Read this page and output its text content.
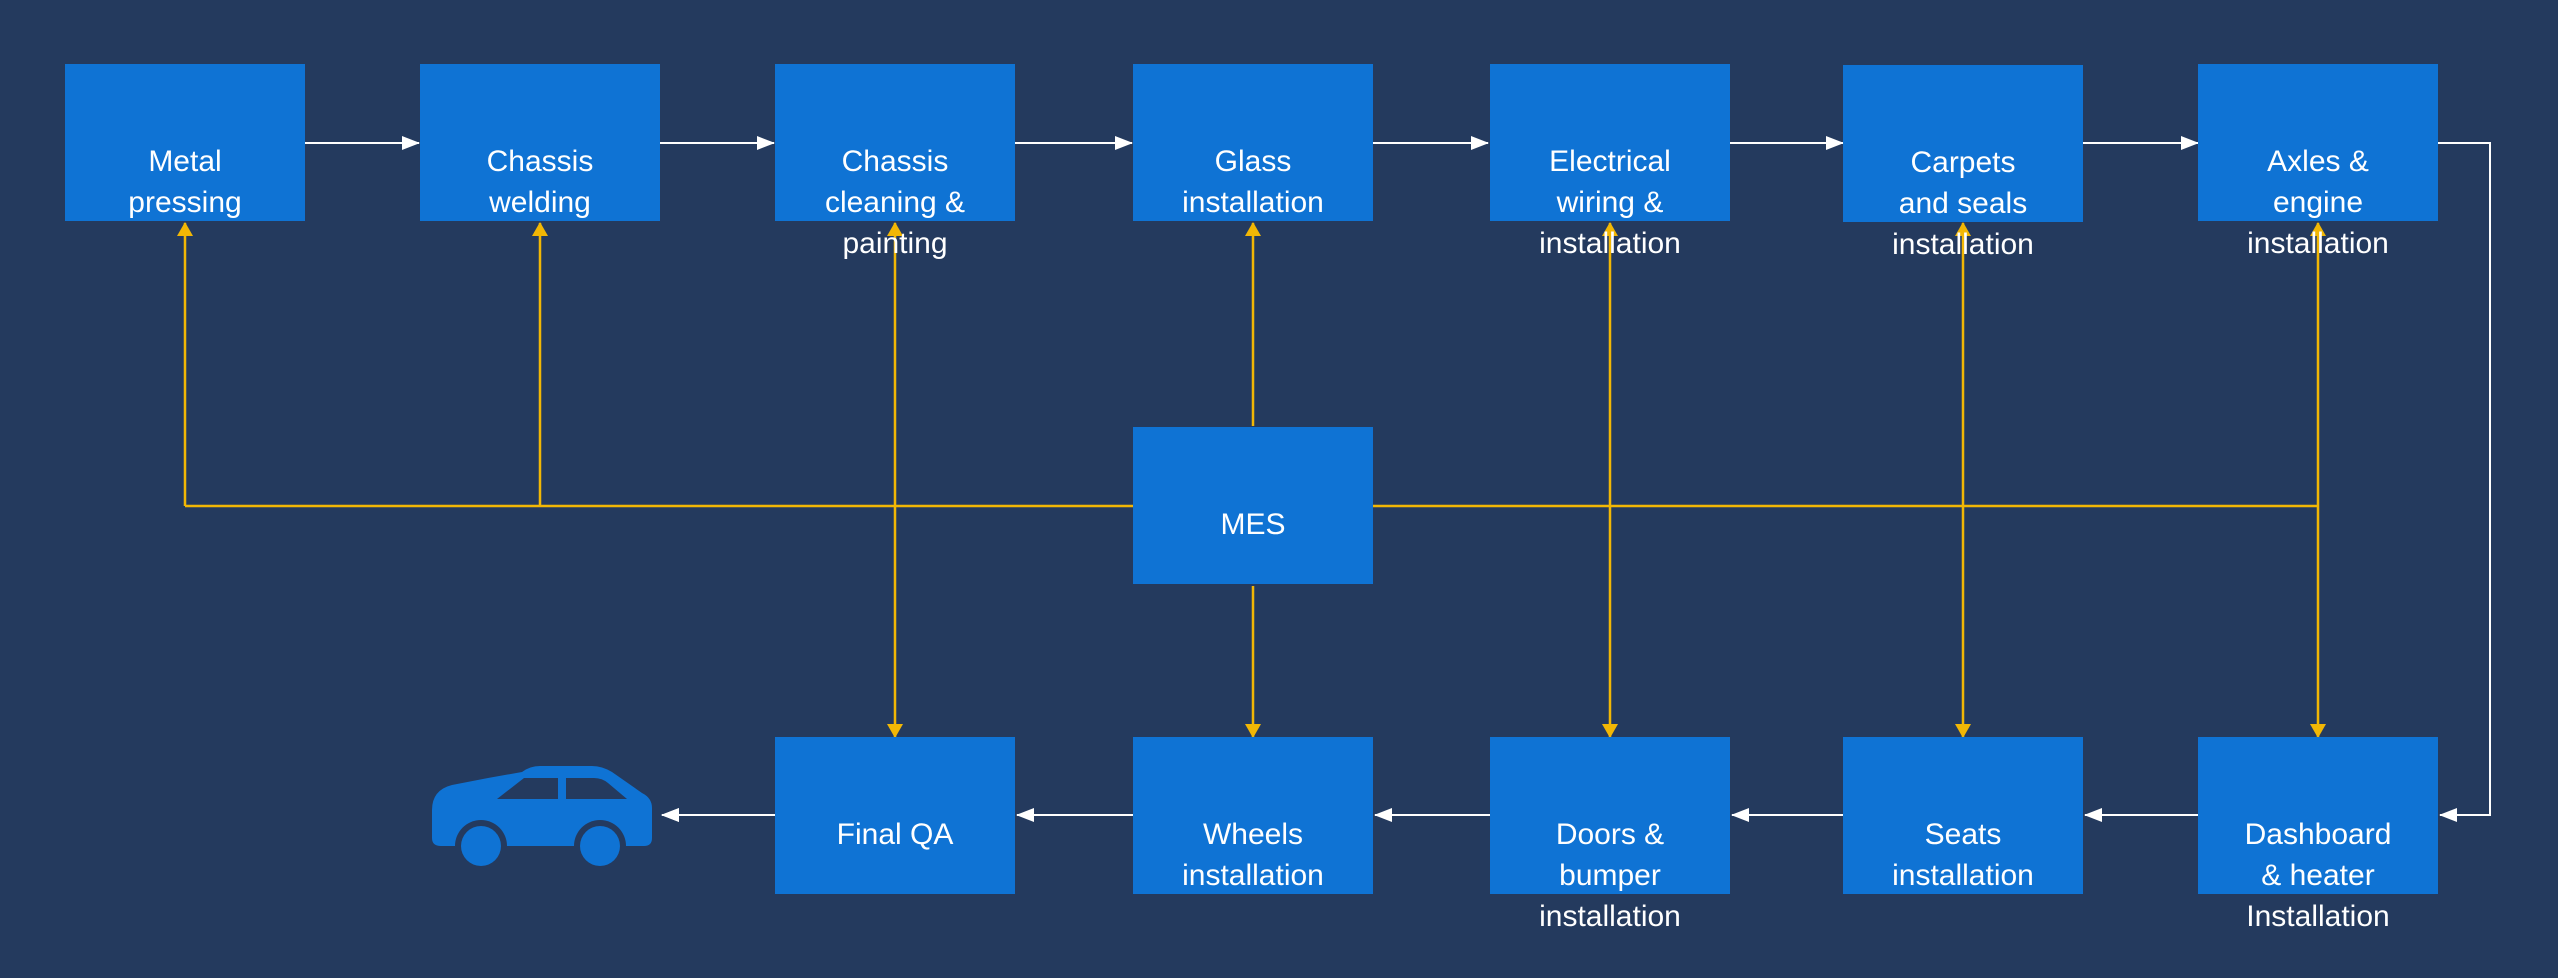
Metal
pressing

Chassis
welding

Chassis
cleaning &
painting

Glass
installation

Electrical
wiring &
installation

Carpets
and seals
installation

Axles &
engine
installation

MES

Final QA	Wheels
installation

Doors &
bumper
installation

Seats
installation

Dashboard
& heater
Installation
